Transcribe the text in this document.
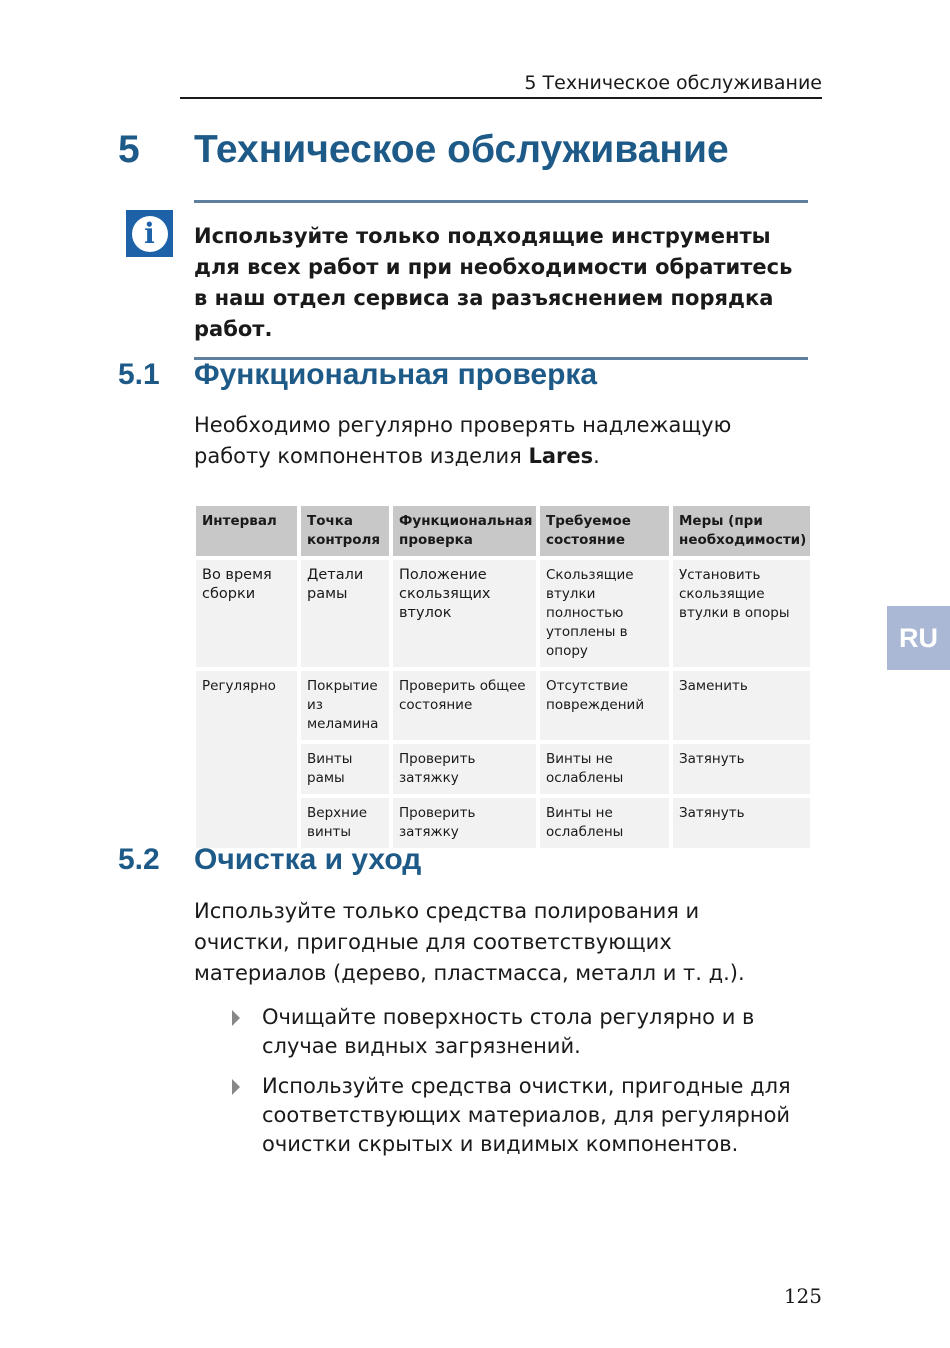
5 Техническое обслуживание
5 Техническое обслуживание
i	Используйте только подходящие инструменты для всех работ и при необходимости обратитесь в наш отдел сервиса за разъяснением порядка работ.
5.1 Функциональная проверка
Необходимо регулярно проверять надлежащую работу компонентов изделия Lares.
Интервал	Точка контроля	Функциональная проверка	Требуемое состояние	Меры (при необходимости)
Во время сборки	Детали рамы	Положение скользящих втулок	Скользящие втулки полностью утоплены в опору	Установить скользящие втулки в опоры
Регулярно	Покрытие из меламина	Проверить общее состояние	Отсутствие повреждений	Заменить
	Винты рамы	Проверить затяжку	Винты не ослаблены	Затянуть
	Верхние винты	Проверить затяжку	Винты не ослаблены	Затянуть
5.2 Очистка и уход
Используйте только средства полирования и очистки, пригодные для соответствующих материалов (дерево, пластмасса, металл и т. д.).
Очищайте поверхность стола регулярно и в случае видных загрязнений.
Используйте средства очистки, пригодные для соответствующих материалов, для регулярной очистки скрытых и видимых компонентов.
RU
125
